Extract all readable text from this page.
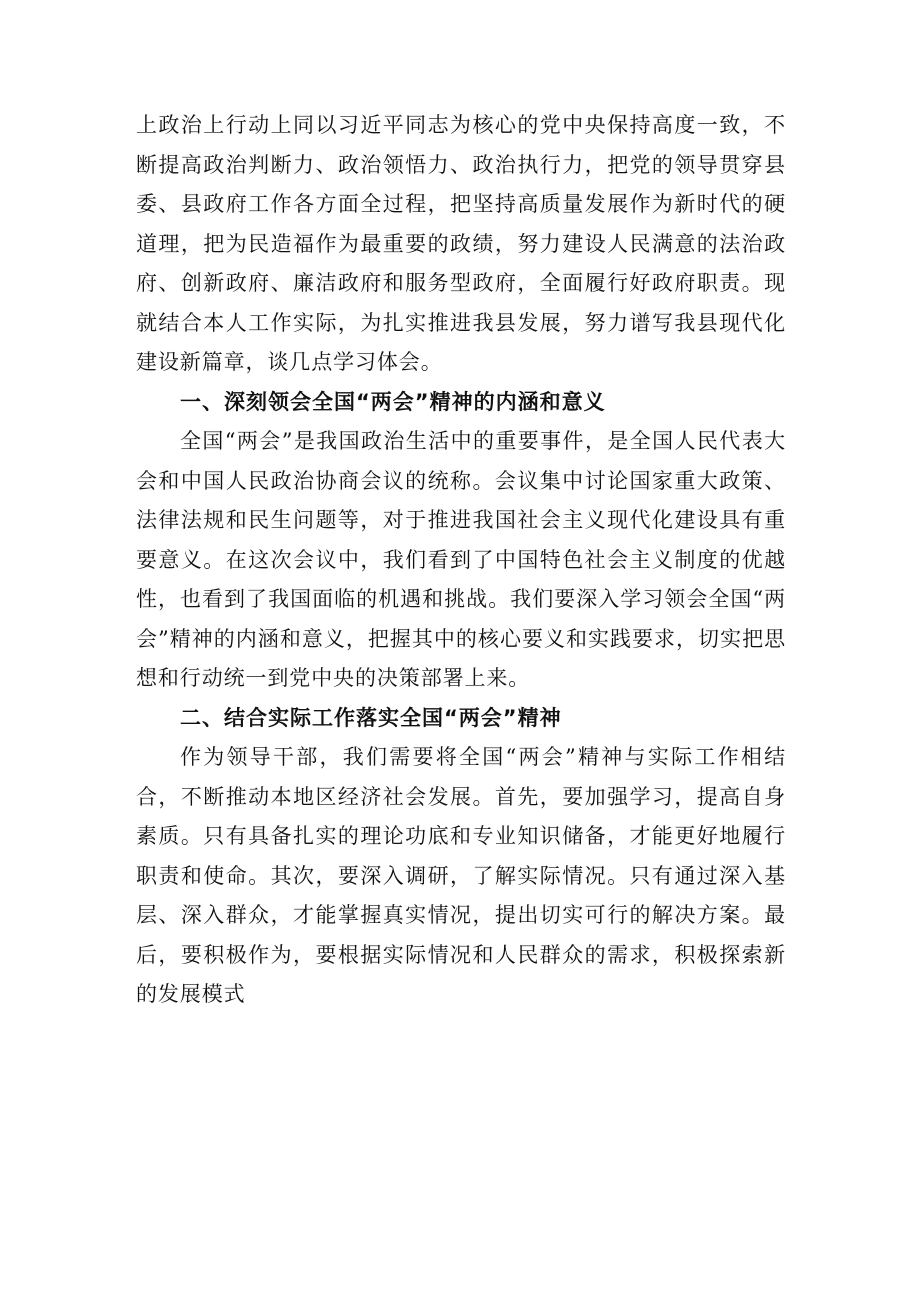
上政治上行动上同以习近平同志为核心的党中央保持高度一致，不断提高政治判断力、政治领悟力、政治执行力，把党的领导贯穿县委、县政府工作各方面全过程，把坚持高质量发展作为新时代的硬道理，把为民造福作为最重要的政绩，努力建设人民满意的法治政府、创新政府、廉洁政府和服务型政府，全面履行好政府职责。现就结合本人工作实际，为扎实推进我县发展，努力谱写我县现代化建设新篇章，谈几点学习体会。

一、深刻领会全国“两会”精神的内涵和意义

全国“两会”是我国政治生活中的重要事件，是全国人民代表大会和中国人民政治协商会议的统称。会议集中讨论国家重大政策、法律法规和民生问题等，对于推进我国社会主义现代化建设具有重要意义。在这次会议中，我们看到了中国特色社会主义制度的优越性，也看到了我国面临的机遇和挑战。我们要深入学习领会全国“两会”精神的内涵和意义，把握其中的核心要义和实践要求，切实把思想和行动统一到党中央的决策部署上来。

二、结合实际工作落实全国“两会”精神

作为领导干部，我们需要将全国“两会”精神与实际工作相结合，不断推动本地区经济社会发展。首先，要加强学习，提高自身素质。只有具备扎实的理论功底和专业知识储备，才能更好地履行职责和使命。其次，要深入调研，了解实际情况。只有通过深入基层、深入群众，才能掌握真实情况，提出切实可行的解决方案。最后，要积极作为，要根据实际情况和人民群众的需求，积极探索新的发展模式
